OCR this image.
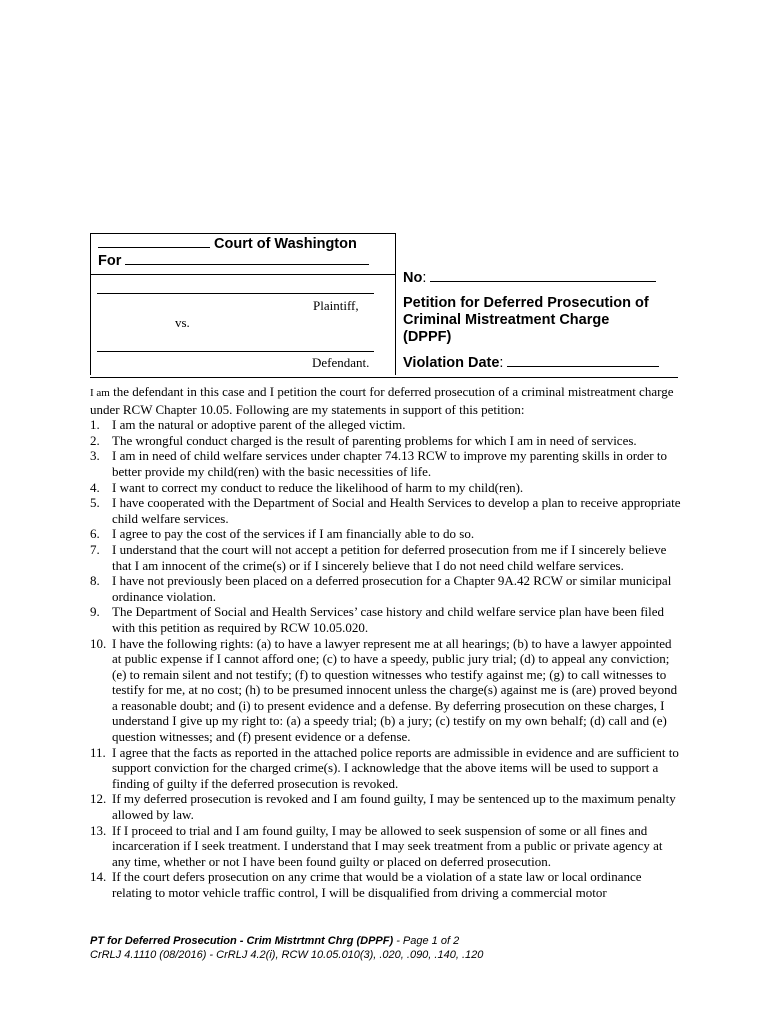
Court of Washington
For
Plaintiff,
vs.
Defendant.
No:
Petition for Deferred Prosecution of
Criminal Mistreatment Charge
(DPPF)
Violation Date:

I am the defendant in this case and I petition the court for deferred prosecution of a criminal mistreatment charge under RCW Chapter 10.05. Following are my statements in support of this petition:

1. I am the natural or adoptive parent of the alleged victim.
2. The wrongful conduct charged is the result of parenting problems for which I am in need of services.
3. I am in need of child welfare services under chapter 74.13 RCW to improve my parenting skills in order to better provide my child(ren) with the basic necessities of life.
4. I want to correct my conduct to reduce the likelihood of harm to my child(ren).
5. I have cooperated with the Department of Social and Health Services to develop a plan to receive appropriate child welfare services.
6. I agree to pay the cost of the services if I am financially able to do so.
7. I understand that the court will not accept a petition for deferred prosecution from me if I sincerely believe that I am innocent of the crime(s) or if I sincerely believe that I do not need child welfare services.
8. I have not previously been placed on a deferred prosecution for a Chapter 9A.42 RCW or similar municipal ordinance violation.
9. The Department of Social and Health Services’ case history and child welfare service plan have been filed with this petition as required by RCW 10.05.020.
10. I have the following rights: (a) to have a lawyer represent me at all hearings; (b) to have a lawyer appointed at public expense if I cannot afford one; (c) to have a speedy, public jury trial; (d) to appeal any conviction; (e) to remain silent and not testify; (f) to question witnesses who testify against me; (g) to call witnesses to testify for me, at no cost; (h) to be presumed innocent unless the charge(s) against me is (are) proved beyond a reasonable doubt; and (i) to present evidence and a defense. By deferring prosecution on these charges, I understand I give up my right to: (a) a speedy trial; (b) a jury; (c) testify on my own behalf; (d) call and (e) question witnesses; and (f) present evidence or a defense.
11. I agree that the facts as reported in the attached police reports are admissible in evidence and are sufficient to support conviction for the charged crime(s). I acknowledge that the above items will be used to support a finding of guilty if the deferred prosecution is revoked.
12. If my deferred prosecution is revoked and I am found guilty, I may be sentenced up to the maximum penalty allowed by law.
13. If I proceed to trial and I am found guilty, I may be allowed to seek suspension of some or all fines and incarceration if I seek treatment. I understand that I may seek treatment from a public or private agency at any time, whether or not I have been found guilty or placed on deferred prosecution.
14. If the court defers prosecution on any crime that would be a violation of a state law or local ordinance relating to motor vehicle traffic control, I will be disqualified from driving a commercial motor
PT for Deferred Prosecution - Crim Mistrtmnt Chrg (DPPF) - Page 1 of 2
CrRLJ 4.1110 (08/2016) - CrRLJ 4.2(i), RCW 10.05.010(3), .020, .090, .140, .120
